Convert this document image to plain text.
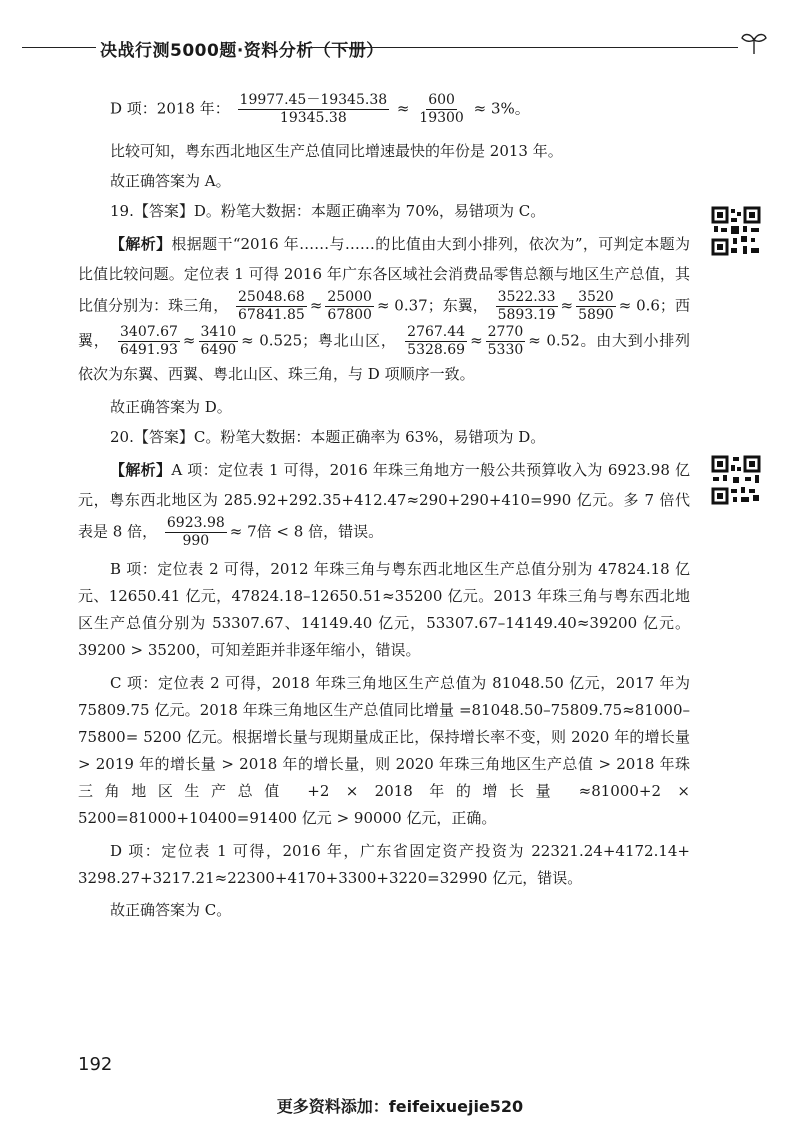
决战行测5000题·资料分析（下册）
D 项：2018 年： $\frac{19977.45-19345.38}{19345.38} \approx \frac{600}{19300} \approx 3\%$。

比较可知，粤东西北地区生产总值同比增速最快的年份是 2013 年。

故正确答案为 A。

19.【答案】D。粉笔大数据：本题正确率为 70%，易错项为 C。

【解析】根据题干“2016 年……与……的比值由大到小排列，依次为”，可判定本题为比值比较问题。定位表 1 可得 2016 年广东各区域社会消费品零售总额与地区生产总值，其比值分别为：珠三角， $\frac{25048.68}{67841.85} \approx \frac{25000}{67800} \approx 0.37$；东翼， $\frac{3522.33}{5893.19} \approx \frac{3520}{5890} \approx 0.6$；西翼， $\frac{3407.67}{6491.93} \approx \frac{3410}{6490} \approx 0.525$；粤北山区， $\frac{2767.44}{5328.69} \approx \frac{2770}{5330} \approx 0.52$。由大到小排列依次为东翼、西翼、粤北山区、珠三角，与 D 项顺序一致。

故正确答案为 D。

20.【答案】C。粉笔大数据：本题正确率为 63%，易错项为 D。

【解析】A 项：定位表 1 可得，2016 年珠三角地方一般公共预算收入为 6923.98 亿元，粤东西北地区为 285.92+292.35+412.47≈290+290+410=990 亿元。多 7 倍代表是 8 倍， $\frac{6923.98}{990} \approx 7$倍 < 8 倍，错误。

B 项：定位表 2 可得，2012 年珠三角与粤东西北地区生产总值分别为 47824.18 亿元、12650.41 亿元，47824.18–12650.51≈35200 亿元。2013 年珠三角与粤东西北地区生产总值分别为 53307.67、14149.40 亿元，53307.67–14149.40≈39200 亿元。39200 > 35200，可知差距并非逐年缩小，错误。

C 项：定位表 2 可得，2018 年珠三角地区生产总值为 81048.50 亿元，2017 年为 75809.75 亿元。2018 年珠三角地区生产总值同比增量 =81048.50–75809.75≈81000–75800= 5200 亿元。根据增长量与现期量成正比，保持增长率不变，则 2020 年的增长量 > 2019 年的增长量 > 2018 年的增长量，则 2020 年珠三角地区生产总值 > 2018 年珠三角地区生产总值 +2 × 2018 年的增长量 ≈81000+2 × 5200=81000+10400=91400 亿元 > 90000 亿元，正确。

D 项：定位表 1 可得，2016 年，广东省固定资产投资为 22321.24+4172.14+ 3298.27+3217.21≈22300+4170+3300+3220=32990 亿元，错误。

故正确答案为 C。

192
更多资料添加：feifeixuejie520
